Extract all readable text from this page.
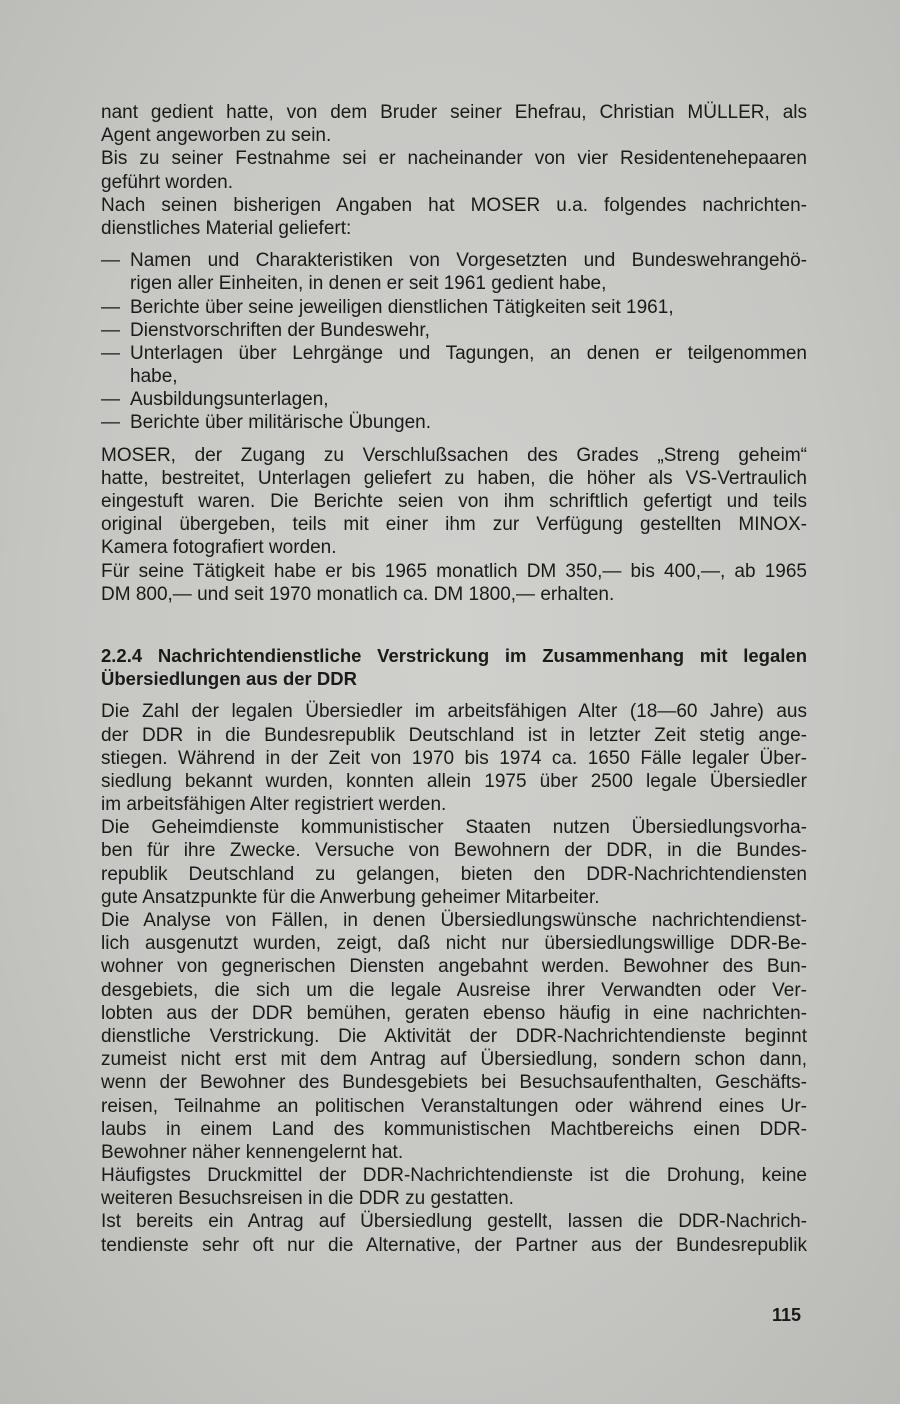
nant gedient hatte, von dem Bruder seiner Ehefrau, Christian MÜLLER, als
Agent angeworben zu sein.
Bis zu seiner Festnahme sei er nacheinander von vier Residentenehepaaren
geführt worden.
Nach seinen bisherigen Angaben hat MOSER u.a. folgendes nachrichten-
dienstliches Material geliefert:
— Namen und Charakteristiken von Vorgesetzten und Bundeswehrangehö-
rigen aller Einheiten, in denen er seit 1961 gedient habe,
— Berichte über seine jeweiligen dienstlichen Tätigkeiten seit 1961,
— Dienstvorschriften der Bundeswehr,
— Unterlagen über Lehrgänge und Tagungen, an denen er teilgenommen
habe,
— Ausbildungsunterlagen,
— Berichte über militärische Übungen.
MOSER, der Zugang zu Verschlußsachen des Grades „Streng geheim“
hatte, bestreitet, Unterlagen geliefert zu haben, die höher als VS-Vertraulich
eingestuft waren. Die Berichte seien von ihm schriftlich gefertigt und teils
original übergeben, teils mit einer ihm zur Verfügung gestellten MINOX-
Kamera fotografiert worden.
Für seine Tätigkeit habe er bis 1965 monatlich DM 350,— bis 400,—, ab 1965
DM 800,— und seit 1970 monatlich ca. DM 1800,— erhalten.
2.2.4 Nachrichtendienstliche Verstrickung im Zusammenhang mit legalen
Übersiedlungen aus der DDR
Die Zahl der legalen Übersiedler im arbeitsfähigen Alter (18—60 Jahre) aus
der DDR in die Bundesrepublik Deutschland ist in letzter Zeit stetig ange-
stiegen. Während in der Zeit von 1970 bis 1974 ca. 1650 Fälle legaler Über-
siedlung bekannt wurden, konnten allein 1975 über 2500 legale Übersiedler
im arbeitsfähigen Alter registriert werden.
Die Geheimdienste kommunistischer Staaten nutzen Übersiedlungsvorha-
ben für ihre Zwecke. Versuche von Bewohnern der DDR, in die Bundes-
republik Deutschland zu gelangen, bieten den DDR-Nachrichtendiensten
gute Ansatzpunkte für die Anwerbung geheimer Mitarbeiter.
Die Analyse von Fällen, in denen Übersiedlungswünsche nachrichtendienst-
lich ausgenutzt wurden, zeigt, daß nicht nur übersiedlungswillige DDR-Be-
wohner von gegnerischen Diensten angebahnt werden. Bewohner des Bun-
desgebiets, die sich um die legale Ausreise ihrer Verwandten oder Ver-
lobten aus der DDR bemühen, geraten ebenso häufig in eine nachrichten-
dienstliche Verstrickung. Die Aktivität der DDR-Nachrichtendienste beginnt
zumeist nicht erst mit dem Antrag auf Übersiedlung, sondern schon dann,
wenn der Bewohner des Bundesgebiets bei Besuchsaufenthalten, Geschäfts-
reisen, Teilnahme an politischen Veranstaltungen oder während eines Ur-
laubs in einem Land des kommunistischen Machtbereichs einen DDR-
Bewohner näher kennengelernt hat.
Häufigstes Druckmittel der DDR-Nachrichtendienste ist die Drohung, keine
weiteren Besuchsreisen in die DDR zu gestatten.
Ist bereits ein Antrag auf Übersiedlung gestellt, lassen die DDR-Nachrich-
tendienste sehr oft nur die Alternative, der Partner aus der Bundesrepublik
115
